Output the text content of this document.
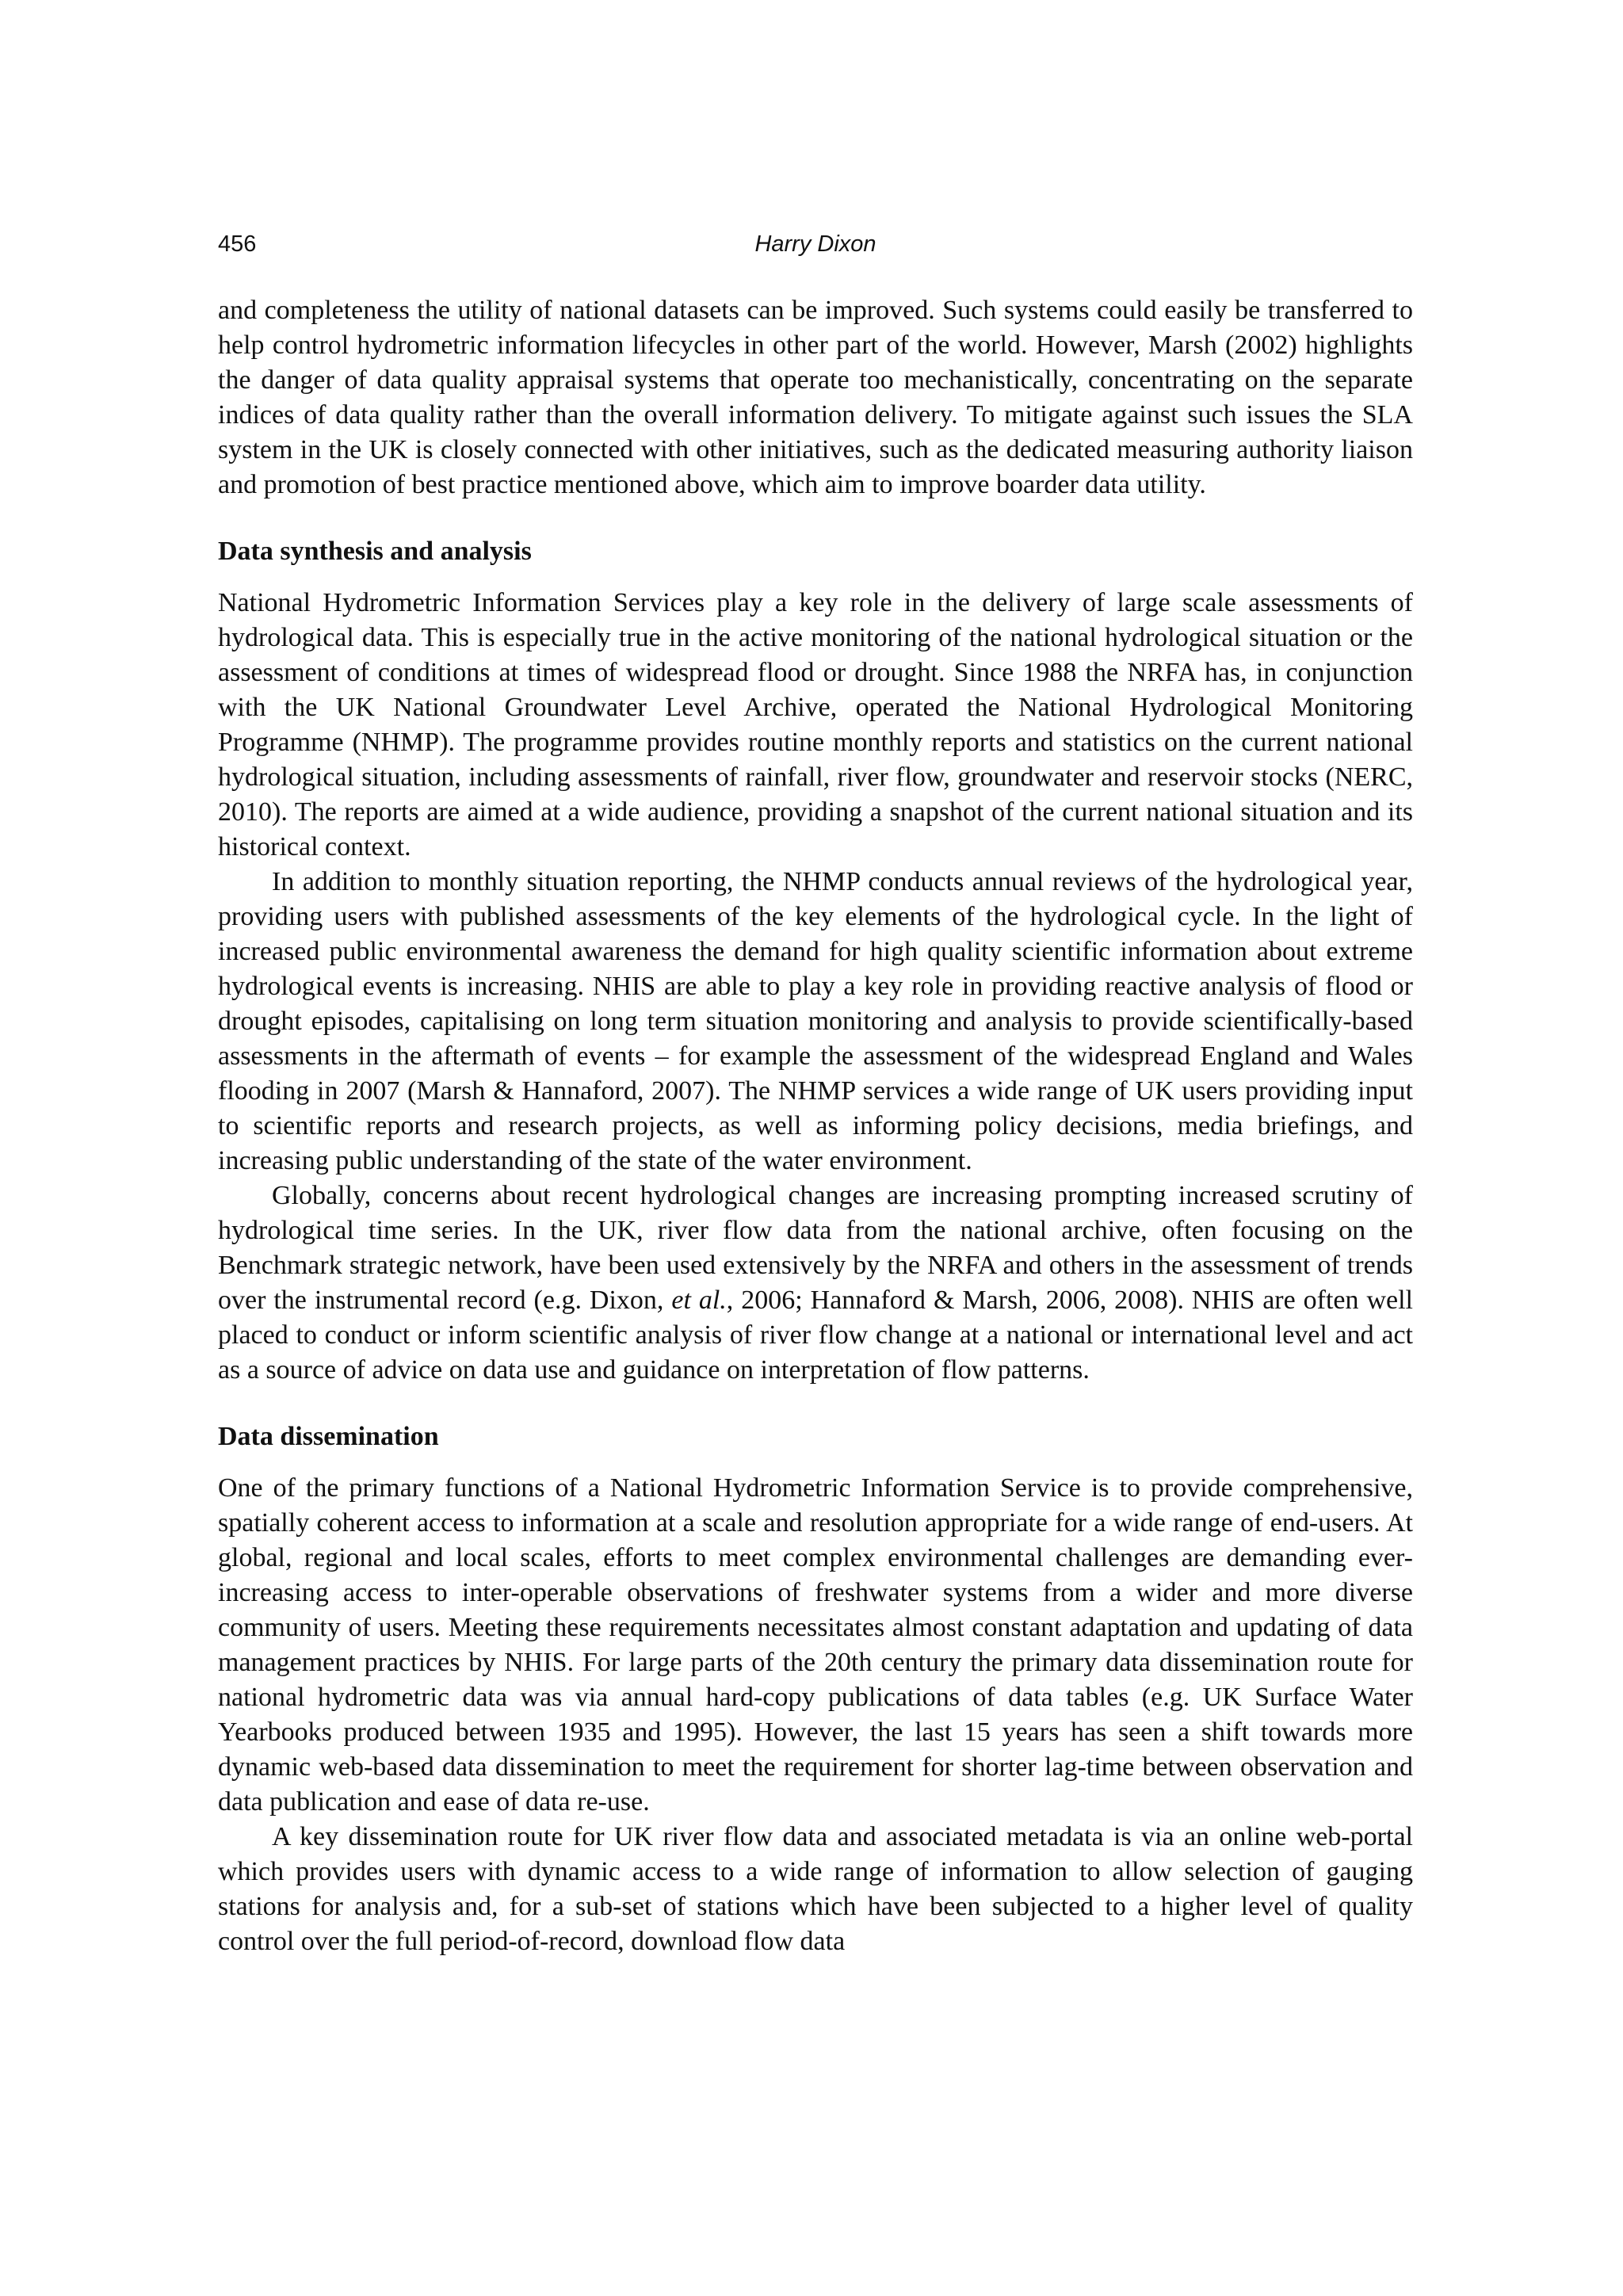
456	Harry Dixon

and completeness the utility of national datasets can be improved. Such systems could easily be transferred to help control hydrometric information lifecycles in other part of the world. However, Marsh (2002) highlights the danger of data quality appraisal systems that operate too mechanistically, concentrating on the separate indices of data quality rather than the overall information delivery. To mitigate against such issues the SLA system in the UK is closely connected with other initiatives, such as the dedicated measuring authority liaison and promotion of best practice mentioned above, which aim to improve boarder data utility.

Data synthesis and analysis

National Hydrometric Information Services play a key role in the delivery of large scale assessments of hydrological data. This is especially true in the active monitoring of the national hydrological situation or the assessment of conditions at times of widespread flood or drought. Since 1988 the NRFA has, in conjunction with the UK National Groundwater Level Archive, operated the National Hydrological Monitoring Programme (NHMP). The programme provides routine monthly reports and statistics on the current national hydrological situation, including assessments of rainfall, river flow, groundwater and reservoir stocks (NERC, 2010). The reports are aimed at a wide audience, providing a snapshot of the current national situation and its historical context.

In addition to monthly situation reporting, the NHMP conducts annual reviews of the hydrological year, providing users with published assessments of the key elements of the hydrological cycle. In the light of increased public environmental awareness the demand for high quality scientific information about extreme hydrological events is increasing. NHIS are able to play a key role in providing reactive analysis of flood or drought episodes, capitalising on long term situation monitoring and analysis to provide scientifically-based assessments in the aftermath of events – for example the assessment of the widespread England and Wales flooding in 2007 (Marsh & Hannaford, 2007). The NHMP services a wide range of UK users providing input to scientific reports and research projects, as well as informing policy decisions, media briefings, and increasing public understanding of the state of the water environment.

Globally, concerns about recent hydrological changes are increasing prompting increased scrutiny of hydrological time series. In the UK, river flow data from the national archive, often focusing on the Benchmark strategic network, have been used extensively by the NRFA and others in the assessment of trends over the instrumental record (e.g. Dixon, et al., 2006; Hannaford & Marsh, 2006, 2008). NHIS are often well placed to conduct or inform scientific analysis of river flow change at a national or international level and act as a source of advice on data use and guidance on interpretation of flow patterns.

Data dissemination

One of the primary functions of a National Hydrometric Information Service is to provide comprehensive, spatially coherent access to information at a scale and resolution appropriate for a wide range of end-users. At global, regional and local scales, efforts to meet complex environmental challenges are demanding ever-increasing access to inter-operable observations of freshwater systems from a wider and more diverse community of users. Meeting these requirements necessitates almost constant adaptation and updating of data management practices by NHIS. For large parts of the 20th century the primary data dissemination route for national hydrometric data was via annual hard-copy publications of data tables (e.g. UK Surface Water Yearbooks produced between 1935 and 1995). However, the last 15 years has seen a shift towards more dynamic web-based data dissemination to meet the requirement for shorter lag-time between observation and data publication and ease of data re-use.

A key dissemination route for UK river flow data and associated metadata is via an online web-portal which provides users with dynamic access to a wide range of information to allow selection of gauging stations for analysis and, for a sub-set of stations which have been subjected to a higher level of quality control over the full period-of-record, download flow data
